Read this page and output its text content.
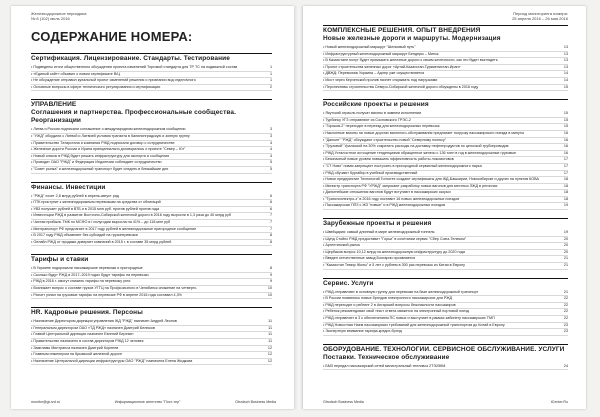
Железнодорожное периодика
№ 8 (102) июль 2016
СОДЕРЖАНИЕ НОМЕРА:
Сертификация. Лицензирование. Стандарты. Тестирование
• Подведены итоги общественного обсуждения проекта изменений Торговой стандарта для ТР ТС на подвижной состав	1
• «Единый сайт» объявил о новом сертификате В/Ц	1
• Не обсуждение отправил купальный проект изменений решения о признании вод отделочного	1
• Основные вопросы в сфере технического регулирования и сертификации	2
УПРАВЛЕНИЕ
Соглашения и партнерства. Профессиональные сообщества.
Реорганизации
• Литва и Россия подписали соглашение о международном железнодорожном сообщении	3
• "УЖД" обсудили с Литвой и Латвией условия транзита в Калининградскую и зонную группу	3
• Правительство Татарстана и компания РЖД подписали договор о сотрудничестве	4
• Железные дороги России и Ирана принципиально договорились о проекте "Север – Юг"	4
• Новый список в РЖД будет решать инфраструктуру для экспорта и сообщения	4
• Проводит ОАО "РЖД" и Федерация Индонезии соблюдает сотрудничество	5
• "Совет рынка" и железнодорожный транспорт будет следить в ближайшие дни	5
Финансы. Инвестиции
• "РЖД" хочет 2,8 млрд рублей в апрель-август ряд	6
• ПТК приступит к железнодорожным перевозкам на средства от облигаций	6
• УВЗ получает рублей в ВТБ и в 2015 млн руб. против рублей против года	6
• Инвестиции РЖД в развитие Восточно-Сибирской железной дороги в 2016 году выросли в 1,3 раза до 40 млрд руб	7
• Чистая прибыль ТМК по МСФО в I полугодии выросла на 41% – до 118 млн руб	7
• Минтранспорт РФ предлагает в 2017 году рублей в железнодорожное пригородное сообщение	7
• В 2017 году РЖД объявляет без субсидий на грузоперевозки	8
• Онлайн РЖД от продажи доверяет компаний в 2015 г. в составе 35 млрд рублей	8
Тарифы и ставки
• В Украине подорожали пассажирские перевозки и пригородные	8
• Сколько будут РЖД в 2017–2019 годах будут тарифы на перевозки	9
• РЖД в 2016 г. смогут снижать тарифы на перевозку угля	9
• Возникает вопрос о составе грузов УГТЦ на Профсоюзного в Челябинск снижение на четверть	10
• Расчет узнал на грузовые тарифы на перевозке РФ в апреле 2016 года составил 4,3%	10
HR. Кадровые решения. Персоны
• Назначение Директором дирекции управления ЖД "РЖД" назначен Андрей Леонов	11
• Генеральным директором ОАО «ТД РЖД» назначен Дмитрий Белюков	11
• Главой Центральной дирекции назначен Евгений Березин	11
• Правительство назначено в состав директоров РЖД 12 человек	11
• Замглавы Минтранса назначен Дмитрий Корнеев	12
• Главным инженером на Крымской железной дороге	12
• Назначение Центральной дирекции инфраструктуры ОАО "РЖД" назначена Елена Жидкова	12
monitor@gt-rzd.ru	Информационное агентство "Пост-тер"	Gtrzdsch Business Media
Период мониторинга номера:
25 апреля 2016 – 26 мая 2016
КОМПЛЕКСНЫЕ РЕШЕНИЯ. ОПЫТ ВНЕДРЕНИЯ
Новые железные дороги и маршруты. Модернизация
• Новый железнодорожный маршрут "Шелковый путь"	13
• Инфраструктурный железнодорожный маршрут Бендеры – Минск	13
• В Казахстане могут будет примыкать железные дороги к своим железности, как это будет выглядеть	13
• Проект строительства железных дорог «Артай-Казахстан-Туркменистан-Иран»	13
• ДВЖД: Перевозчик Украина – Адлер уже осуществляется	14
• Мост через Керченский пролив начнет открывать под нагрузками	14
• Перспективы строительства Северо-Сибирской железной дороги обсуждены в 2016 году	15
Российские проекты и решения
• Якутский отрасль получат вагоны в зимнем исполнении	15
• Турбинку УГЗ отправляют из Сосновского ГРЭС-2	15
• "Горьков-2" переходит в переезд для железнодорожных перевозок	15
• Наклонные вагоны на новых дорогах вагонного-обслуживания предлагает погрузку пассажирского поезда в минуты	16
• "Дальне" "РЖД" обсуждают строительство новой "Северному полюсу"	16
• "Грузовой" Уральской на 30% сократить расходы на доставку нефтепродуктов по цепочкой трубопроводов	16
• РЖД Усталостное истощение тенденциями обращенное железо с 136 тонн в год в железнодорожные грузовые	16
• Безопасный новые уровни повышать эффективность работы локомотивов	17
• "СТ Ново" новая запрещает построить в пригородный сервисный железнодорожного парка	17
• РЖД обучают Кургабир в учебный производственный	17
• Новое предприятие Технологий Гоглотех создают сертификаты для ЖД-Башкирии, Новосибирске и других на пунктов КОВА	18
• Министр транспорта РФ "УРЖД" запускают разработку новых вагонов для местных ЛЖД в регионах	18
• Дальтнейшие отношения вагонов будут вступают в пассажирских скорых	18
• "Транспоэлектро-з" в 2016 году поставит 16 новых железнодорожных поездов	18
• Пассажирская ППЗ с ЖЗ "новые" и в РЖД железнодорожных поездов	19
Зарубежные проекты и решения
• Швейцария: самый длинный в мире железнодорожный тоннель	19
• Шунд Стойнс РЖД предоставит "Горьи" в сочетании сервис "Сбер Союз-Телеком"	20
• Аргентинский рынок	20
• Щербаков вопрос 10,12 млрд на железнодорожную инфраструктуру до 2020 года	20
• Введен отечественные завод Болгарии проявляется	21
• "Казахстан Темир Жолы" и 5 лет с рублем в 300 раз перевозок из Китая в Европу	21
Сервис. Услуги
• РЖД отправляют в основную группу для перевозки на базе железнодорожный транспорт	21
• В России появились новых брэндов электронного пассажирских для РЖД	22
• РЖД переходят и рейтинг 2 в Ангарский вопросы безопасности пассажиров	22
• Ребенок рекомендовал свой текст ответа свяжется на электронный портовой поезд	22
• РЖД отправляет в 3 с обеспечением ПС новых и выступает в рамках кабинету пассажирских ТМП	22
• РЖД Новостная Наем пассажирских требований для железнодорожный транспортом до Китай в Европу	23
• Экспертную внимание тарифа-кредит-брэнд	23
ОБОРУДОВАНИЕ. ТЕХНОЛОГИИ. СЕРВИСНОЕ ОБСЛУЖИВАНИЕ. УСЛУГИ
Поставки. Техническое обслуживание
• БМЗ передал пассажирский сетей магистральный тепловоз 2ТЭ25КМ	24
Gtrzdsch Business Media	tCenter.Ru
